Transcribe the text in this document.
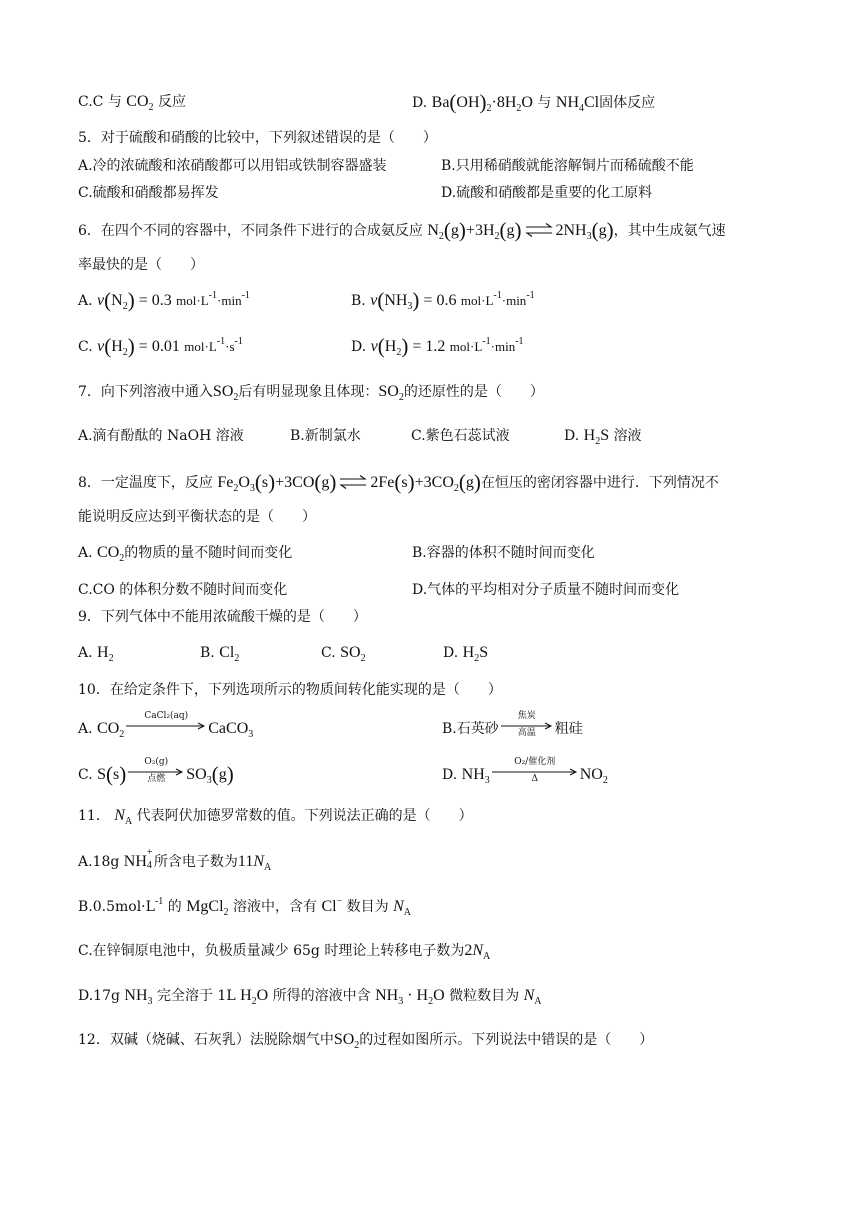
C.C 与 $CO_2$ 反应	D. $Ba(OH)_2\cdot 8H_2O$ 与 $NH_4Cl$固体反应
5．对于硫酸和硝酸的比较中，下列叙述错误的是（　　）
A.冷的浓硫酸和浓硝酸都可以用铝或铁制容器盛装	B.只用稀硝酸就能溶解铜片而稀硫酸不能
C.硫酸和硝酸都易挥发	D.硫酸和硝酸都是重要的化工原料
6．在四个不同的容器中，不同条件下进行的合成氨反应 $N_2(g)+3H_2(g)$ $2NH_3(g)$，其中生成氨气速
率最快的是（　　）
A. $v(N_2) = 0.3$ $mol\cdot L^{-1}\cdot\min^{-1}$	B. $v(NH_3) = 0.6$ $mol\cdot L^{-1}\cdot\min^{-1}$
C. $v(H_2) = 0.01$ $mol\cdot L^{-1}\cdot s^{-1}$	D. $v(H_2) = 1.2$ $mol\cdot L^{-1}\cdot\min^{-1}$
7．向下列溶液中通入$SO_2$后有明显现象且体现：$SO_2$的还原性的是（　　）
A.滴有酚酞的 NaOH 溶液	B.新制氯水	C.紫色石蕊试液	D. $H_2S$ 溶液
8．一定温度下，反应 $Fe_2O_3(s)+3CO(g)$ $2Fe(s)+3CO_2(g)$在恒压的密闭容器中进行．下列情况不
能说明反应达到平衡状态的是（　　）
A. $CO_2$的物质的量不随时间而变化	B.容器的体积不随时间而变化
C.CO 的体积分数不随时间而变化	D.气体的平均相对分子质量不随时间而变化
9．下列气体中不能用浓硫酸干燥的是（　　）
A. $H_2$	B. $Cl_2$	C. $SO_2$	D. $H_2S$
10．在给定条件下，下列选项所示的物质间转化能实现的是（　　）
A. $CO_2$
CaCl₂(aq)
CaCO$_3$	B.石英砂
焦炭
高温	粗硅
C. S(s)	O₂(g)
点燃	$SO_3(g)$	D. $NH_3$
O₂/催化剂
Δ	$NO_2$
11． $N_A$ 代表阿伏加德罗常数的值。下列说法正确的是（　　）
A.18g NH
+
4 所含电子数为$11N_A$
$B.0.5mol\cdot L^{-1}$ 的 MgCl$_2$ 溶液中，含有 Cl− 数目为 $N_A$
C.在锌铜原电池中，负极质量减少 65g 时理论上转移电子数为$2N_A$
D.17g $NH_3$ 完全溶于 1L $H_2O$ 所得的溶液中含 $NH_3 \cdot H_2O$ 微粒数目为 $N_A$
12．双碱（烧碱、石灰乳）法脱除烟气中$SO_2$的过程如图所示。下列说法中错误的是（　　）
